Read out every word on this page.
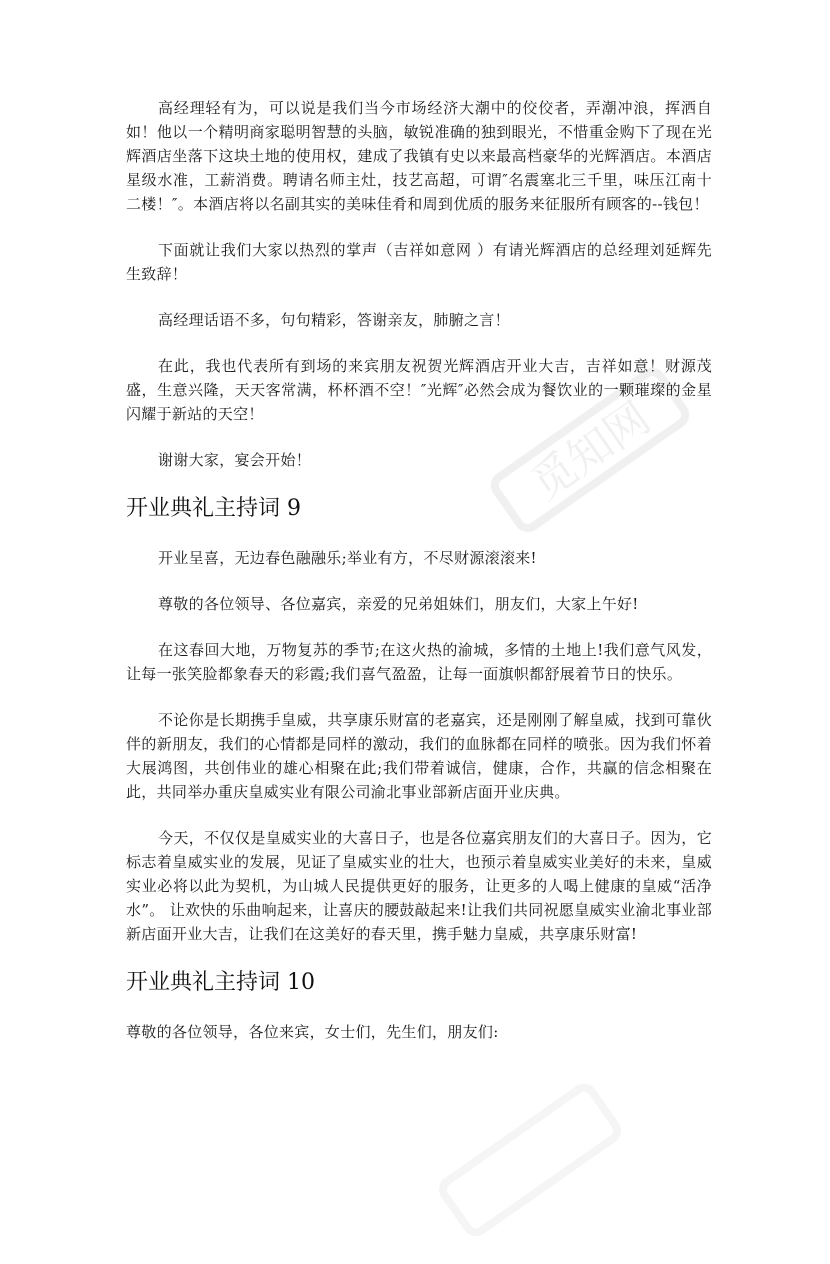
觅知网

高经理轻有为，可以说是我们当今市场经济大潮中的佼佼者，弄潮冲浪，挥洒自如！他以一个精明商家聪明智慧的头脑，敏锐准确的独到眼光，不惜重金购下了现在光辉酒店坐落下这块土地的使用权，建成了我镇有史以来最高档豪华的光辉酒店。本酒店星级水准，工薪消费。聘请名师主灶，技艺高超，可谓″名震塞北三千里，味压江南十二楼！″。本酒店将以名副其实的美味佳肴和周到优质的服务来征服所有顾客的--钱包！

下面就让我们大家以热烈的掌声（吉祥如意网 ）有请光辉酒店的总经理刘延辉先生致辞！

高经理话语不多，句句精彩，答谢亲友，肺腑之言！

在此，我也代表所有到场的来宾朋友祝贺光辉酒店开业大吉，吉祥如意！财源茂盛，生意兴隆，天天客常满，杯杯酒不空！″光辉″必然会成为餐饮业的一颗璀璨的金星闪耀于新站的天空！

谢谢大家，宴会开始！

开业典礼主持词 9

开业呈喜，无边春色融融乐;举业有方，不尽财源滚滚来!

尊敬的各位领导、各位嘉宾，亲爱的兄弟姐妹们，朋友们，大家上午好!

在这春回大地，万物复苏的季节;在这火热的渝城，多情的土地上!我们意气风发，让每一张笑脸都象春天的彩霞;我们喜气盈盈，让每一面旗帜都舒展着节日的快乐。

不论你是长期携手皇威，共享康乐财富的老嘉宾，还是刚刚了解皇威，找到可靠伙伴的新朋友，我们的心情都是同样的激动，我们的血脉都在同样的喷张。因为我们怀着大展鸿图，共创伟业的雄心相聚在此;我们带着诚信，健康，合作，共赢的信念相聚在此，共同举办重庆皇威实业有限公司渝北事业部新店面开业庆典。

今天，不仅仅是皇威实业的大喜日子，也是各位嘉宾朋友们的大喜日子。因为，它标志着皇威实业的发展，见证了皇威实业的壮大，也预示着皇威实业美好的未来，皇威实业必将以此为契机，为山城人民提供更好的服务，让更多的人喝上健康的皇威“活净水”。 让欢快的乐曲响起来，让喜庆的腰鼓敲起来!让我们共同祝愿皇威实业渝北事业部新店面开业大吉，让我们在这美好的春天里，携手魅力皇威，共享康乐财富!

开业典礼主持词 10

尊敬的各位领导，各位来宾，女士们，先生们，朋友们:
